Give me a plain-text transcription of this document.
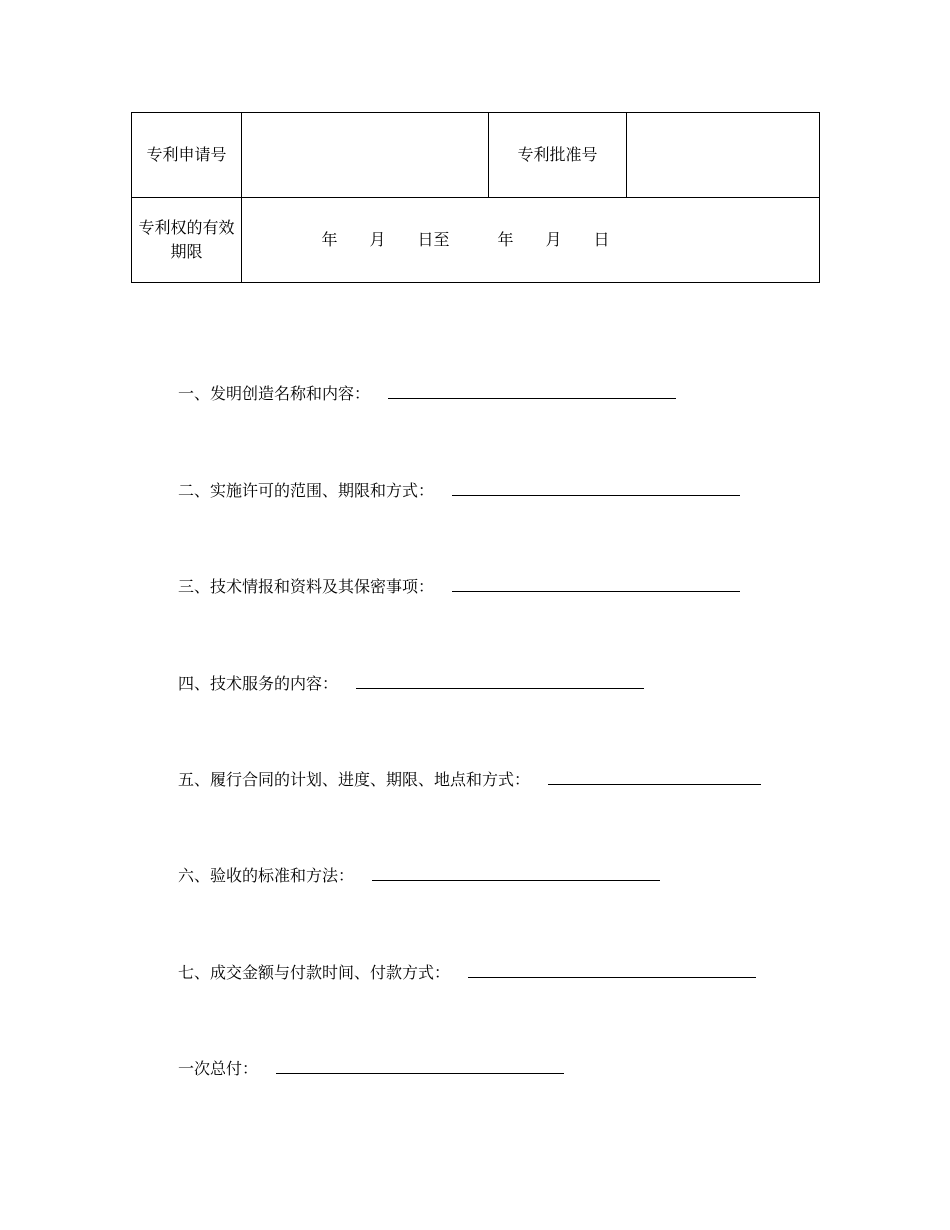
专利申请号		专利批准号	

专利权的有效期限	年　　月　　日至　　　年　　月　　日		
一、发明创造名称和内容：
二、实施许可的范围、期限和方式：
三、技术情报和资料及其保密事项：
四、技术服务的内容：
五、履行合同的计划、进度、期限、地点和方式：
六、验收的标准和方法：
七、成交金额与付款时间、付款方式：
一次总付：
